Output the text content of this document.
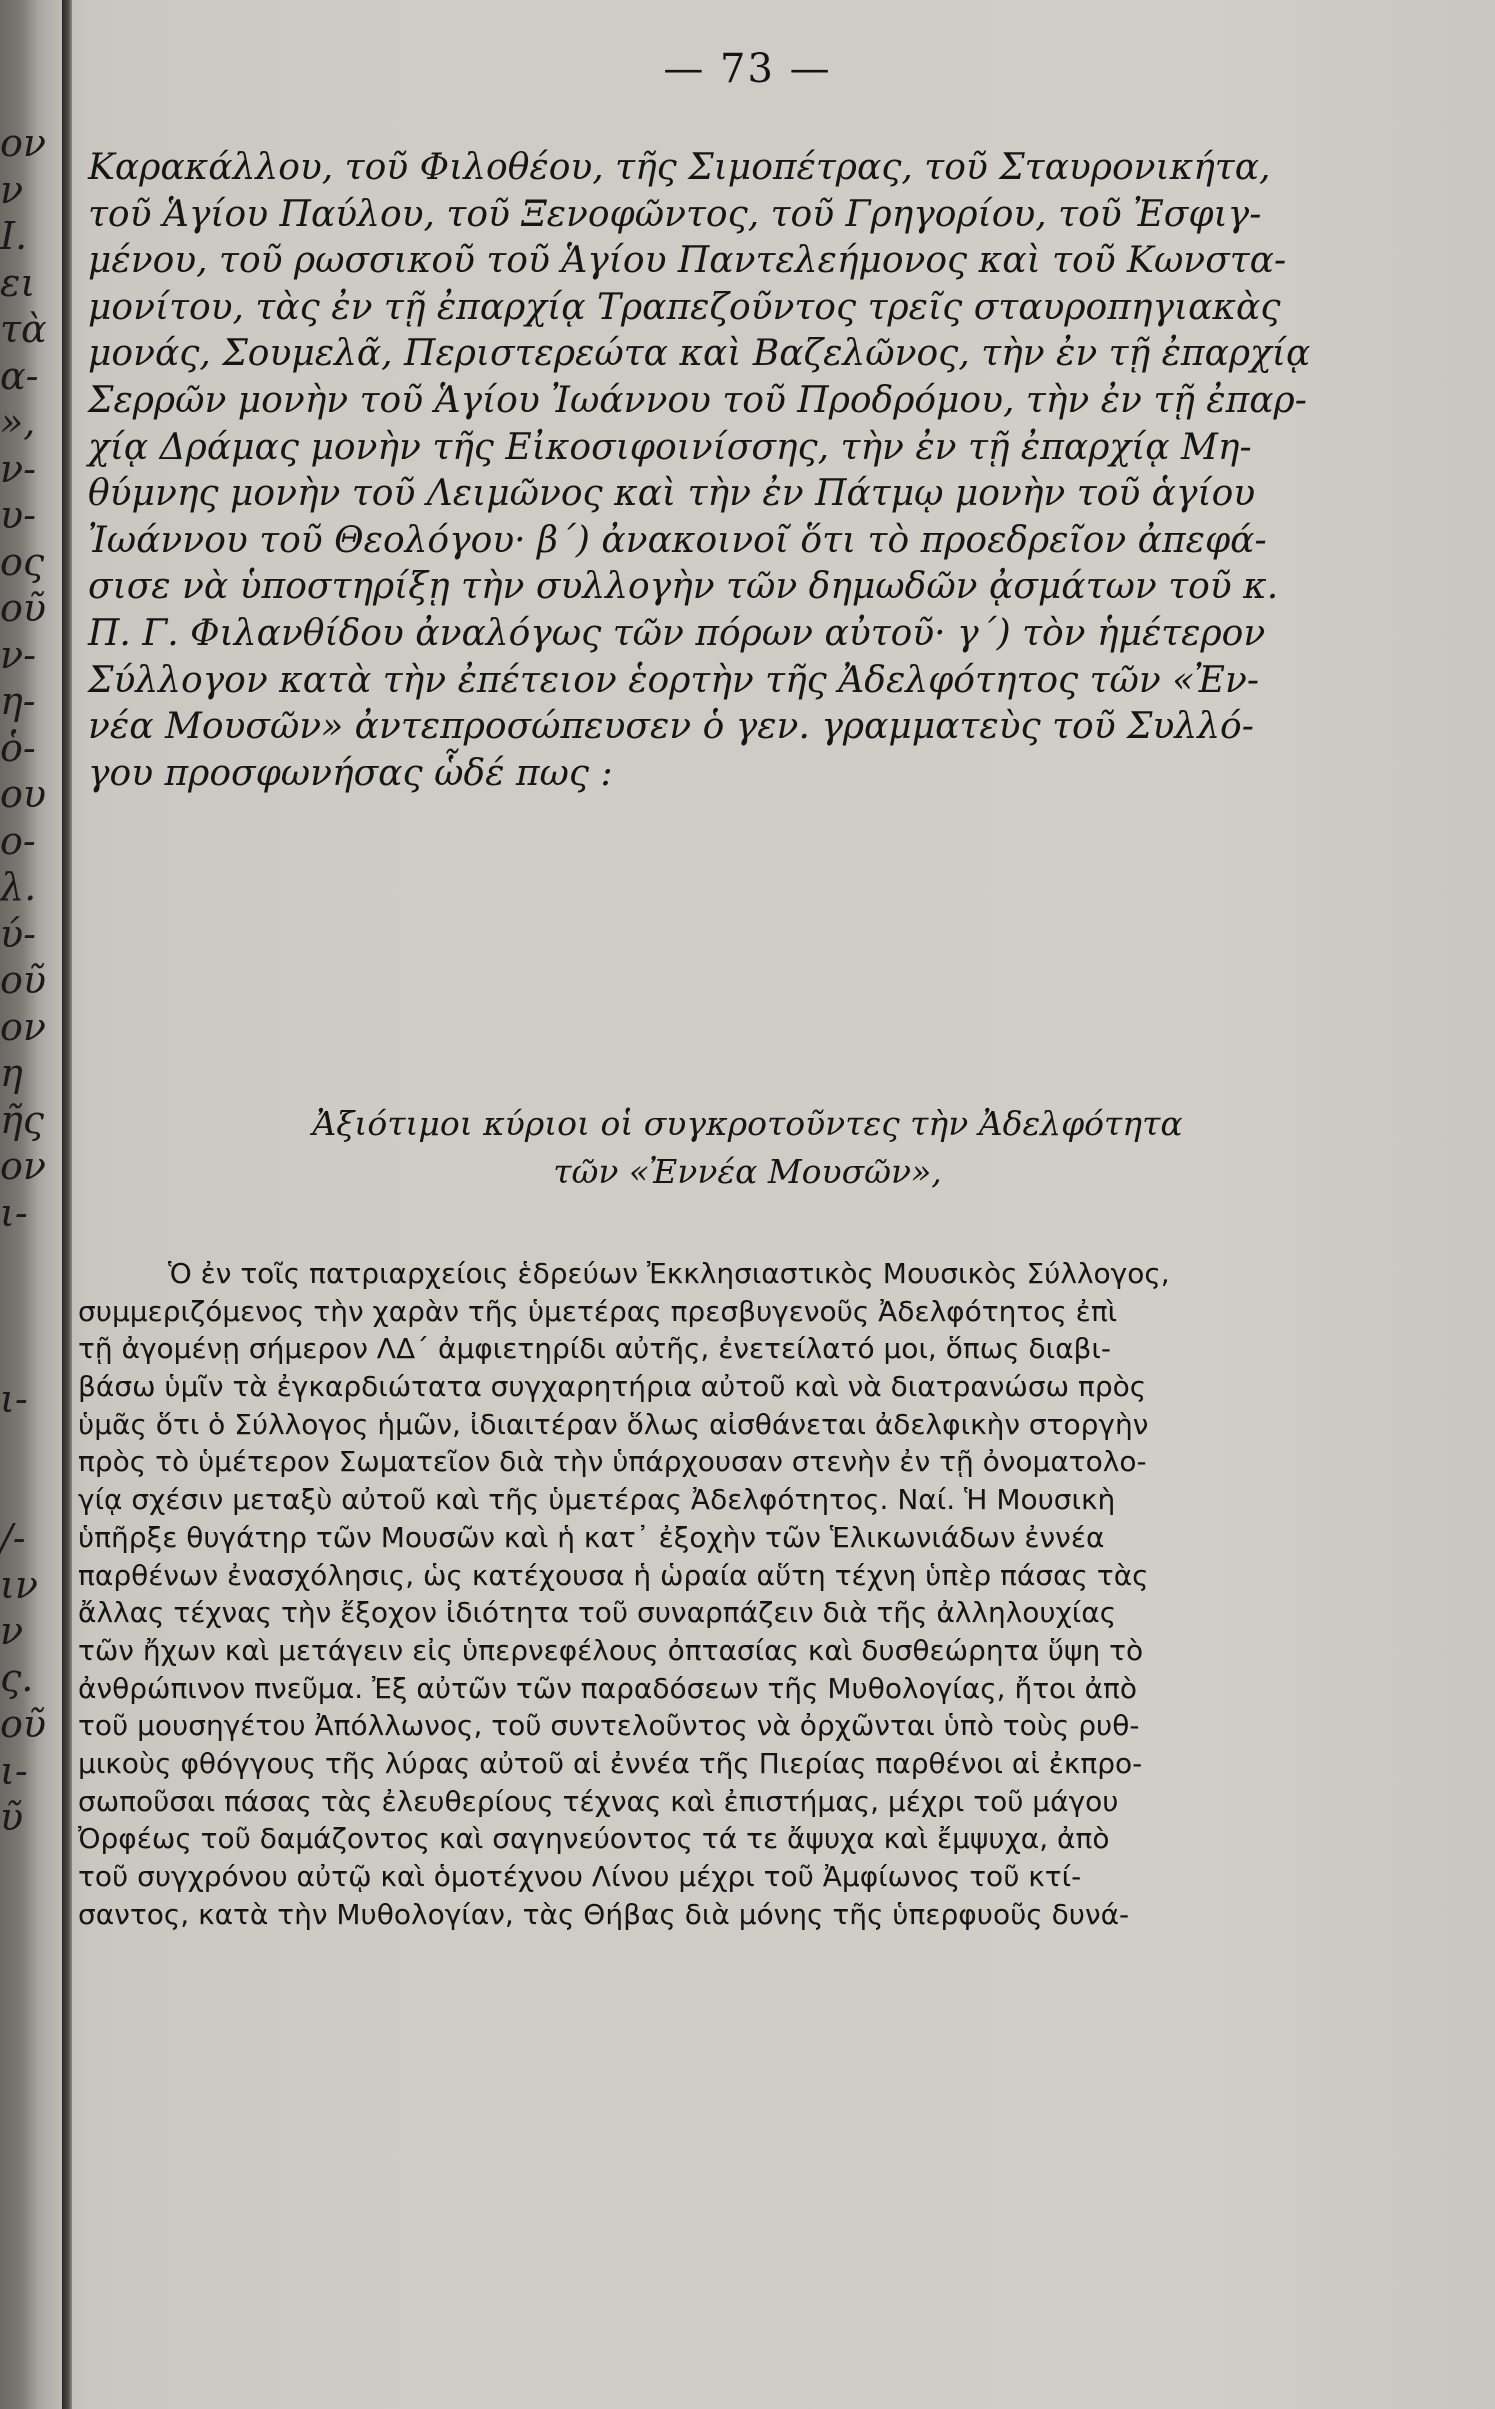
ον
ν
Ι.
ει
τὰ
α-
»,
ν-
υ-
ος
οῦ
ν-
η-
ὁ-
ου
ο-
λ.
ύ-
οῦ
ον
η
ῆς
ον
ι-
ι-
/-
ιν
ν
ς.
οῦ
ι-
ῦ
— 73 —
Καρακάλλου, τοῦ Φιλοθέου, τῆς Σιμοπέτρας, τοῦ Σταυρονικήτα,
τοῦ Ἁγίου Παύλου, τοῦ Ξενοφῶντος, τοῦ Γρηγορίου, τοῦ Ἐσφιγ-
μένου, τοῦ ρωσσικοῦ τοῦ Ἁγίου Παντελεήμονος καὶ τοῦ Κωνστα-
μονίτου, τὰς ἐν τῇ ἐπαρχίᾳ Τραπεζοῦντος τρεῖς σταυροπηγιακὰς
μονάς, Σουμελᾶ, Περιστερεώτα καὶ Βαζελῶνος, τὴν ἐν τῇ ἐπαρχίᾳ
Σερρῶν μονὴν τοῦ Ἁγίου Ἰωάννου τοῦ Προδρόμου, τὴν ἐν τῇ ἐπαρ-
χίᾳ Δράμας μονὴν τῆς Εἰκοσιφοινίσσης, τὴν ἐν τῇ ἐπαρχίᾳ Μη-
θύμνης μονὴν τοῦ Λειμῶνος καὶ τὴν ἐν Πάτμῳ μονὴν τοῦ ἁγίου
Ἰωάννου τοῦ Θεολόγου· β΄) ἀνακοινοῖ ὅτι τὸ προεδρεῖον ἀπεφά-
σισε νὰ ὑποστηρίξῃ τὴν συλλογὴν τῶν δημωδῶν ᾀσμάτων τοῦ κ.
Π. Γ. Φιλανθίδου ἀναλόγως τῶν πόρων αὐτοῦ· γ΄) τὸν ἡμέτερον
Σύλλογον κατὰ τὴν ἐπέτειον ἑορτὴν τῆς Ἀδελφότητος τῶν «Ἐν-
νέα Μουσῶν» ἀντεπροσώπευσεν ὁ γεν. γραμματεὺς τοῦ Συλλό-
γου προσφωνήσας ὧδέ πως :
Ἀξιότιμοι κύριοι οἱ συγκροτοῦντες τὴν Ἀδελφότητα
τῶν «Ἐννέα Μουσῶν»,
Ὁ ἐν τοῖς πατριαρχείοις ἑδρεύων Ἐκκλησιαστικὸς Μουσικὸς Σύλλογος,
συμμεριζόμενος τὴν χαρὰν τῆς ὑμετέρας πρεσβυγενοῦς Ἀδελφότητος ἐπὶ
τῇ ἀγομένῃ σήμερον ΛΔ΄ ἀμφιετηρίδι αὐτῆς, ἐνετείλατό μοι, ὅπως διαβι-
βάσω ὑμῖν τὰ ἐγκαρδιώτατα συγχαρητήρια αὐτοῦ καὶ νὰ διατρανώσω πρὸς
ὑμᾶς ὅτι ὁ Σύλλογος ἡμῶν, ἰδιαιτέραν ὅλως αἰσθάνεται ἀδελφικὴν στοργὴν
πρὸς τὸ ὑμέτερον Σωματεῖον διὰ τὴν ὑπάρχουσαν στενὴν ἐν τῇ ὀνοματολο-
γίᾳ σχέσιν μεταξὺ αὐτοῦ καὶ τῆς ὑμετέρας Ἀδελφότητος. Ναί. Ἡ Μουσικὴ
ὑπῆρξε θυγάτηρ τῶν Μουσῶν καὶ ἡ κατ᾽ ἐξοχὴν τῶν Ἑλικωνιάδων ἐννέα
παρθένων ἐνασχόλησις, ὡς κατέχουσα ἡ ὡραία αὕτη τέχνη ὑπὲρ πάσας τὰς
ἄλλας τέχνας τὴν ἔξοχον ἰδιότητα τοῦ συναρπάζειν διὰ τῆς ἀλληλουχίας
τῶν ἤχων καὶ μετάγειν εἰς ὑπερνεφέλους ὀπτασίας καὶ δυσθεώρητα ὕψη τὸ
ἀνθρώπινον πνεῦμα. Ἐξ αὐτῶν τῶν παραδόσεων τῆς Μυθολογίας, ἤτοι ἀπὸ
τοῦ μουσηγέτου Ἀπόλλωνος, τοῦ συντελοῦντος νὰ ὀρχῶνται ὑπὸ τοὺς ρυθ-
μικοὺς φθόγγους τῆς λύρας αὐτοῦ αἱ ἐννέα τῆς Πιερίας παρθένοι αἱ ἐκπρο-
σωποῦσαι πάσας τὰς ἐλευθερίους τέχνας καὶ ἐπιστήμας, μέχρι τοῦ μάγου
Ὀρφέως τοῦ δαμάζοντος καὶ σαγηνεύοντος τά τε ἄψυχα καὶ ἔμψυχα, ἀπὸ
τοῦ συγχρόνου αὐτῷ καὶ ὁμοτέχνου Λίνου μέχρι τοῦ Ἀμφίωνος τοῦ κτί-
σαντος, κατὰ τὴν Μυθολογίαν, τὰς Θήβας διὰ μόνης τῆς ὑπερφυοῦς δυνά-
